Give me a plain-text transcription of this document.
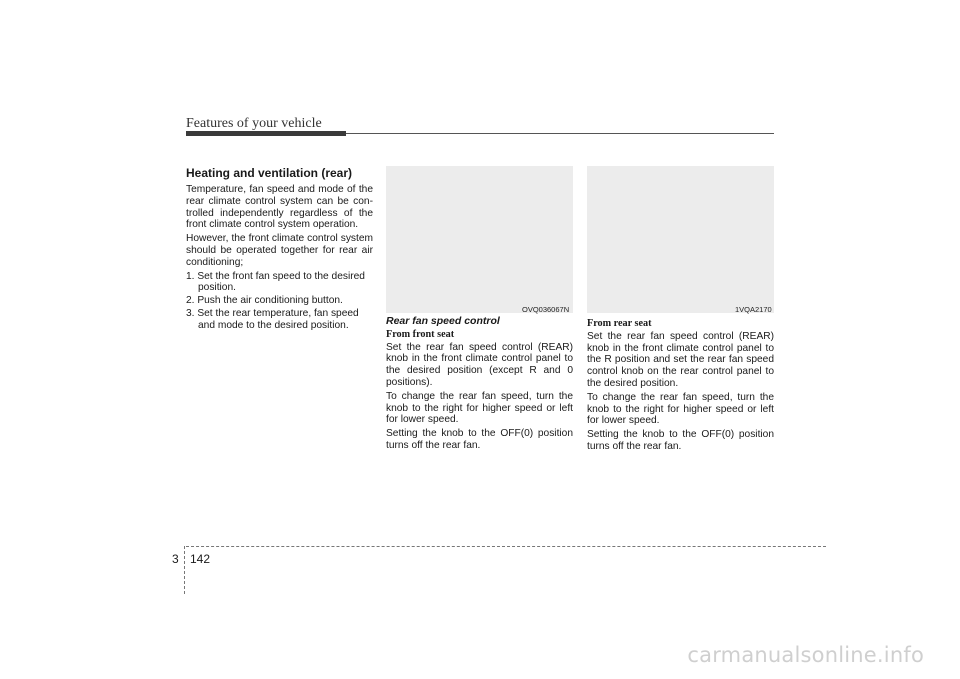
Features of your vehicle
Heating and ventilation (rear)

Temperature, fan speed and mode of the rear climate control system can be con-trolled independently regardless of the front climate control system operation.

However, the front climate control system should be operated together for rear air conditioning;

1. Set the front fan speed to the desired position.
2. Push the air conditioning button.
3. Set the rear temperature, fan speed and mode to the desired position.
OVQ036067N	1VQA2170
Rear fan speed control
From front seat

Set the rear fan speed control (REAR) knob in the front climate control panel to the desired position (except R and 0 positions).

To change the rear fan speed, turn the knob to the right for higher speed or left for lower speed.

Setting the knob to the OFF(0) position turns off the rear fan.

From rear seat

Set the rear fan speed control (REAR) knob in the front climate control panel to the R position and set the rear fan speed control knob on the rear control panel to the desired position.

To change the rear fan speed, turn the knob to the right for higher speed or left for lower speed.

Setting the knob to the OFF(0) position turns off the rear fan.

3 142
carmanualsonline.info
